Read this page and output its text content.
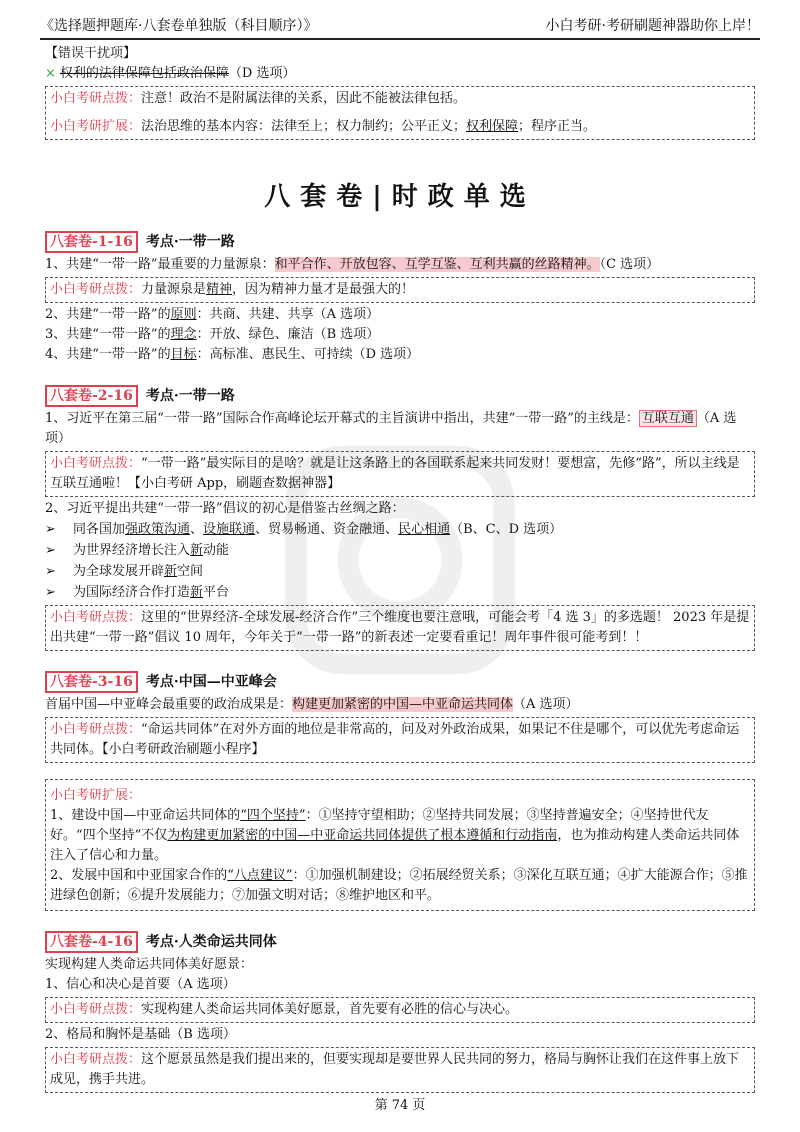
《选择题押题库·八套卷单独版（科目顺序）》	小白考研·考研刷题神器助你上岸！

【错误干扰项】

× 权利的法律保障包括政治保障（D 选项）

小白考研点拨：注意！政治不是附属法律的关系，因此不能被法律包括。

小白考研扩展：法治思维的基本内容：法律至上；权力制约；公平正义；权利保障；程序正当。

八套卷|时政单选

八套卷-1-16 考点·一带一路

1、共建“一带一路”最重要的力量源泉：和平合作、开放包容、互学互鉴、互利共赢的丝路精神。（C 选项）

小白考研点拨：力量源泉是精神，因为精神力量才是最强大的！

2、共建“一带一路”的原则：共商、共建、共享（A 选项）

3、共建“一带一路”的理念：开放、绿色、廉洁（B 选项）

4、共建“一带一路”的目标：高标准、惠民生、可持续（D 选项）

八套卷-2-16 考点·一带一路

1、习近平在第三届“一带一路”国际合作高峰论坛开幕式的主旨演讲中指出，共建“一带一路”的主线是： 互联互通 （A 选项）

小白考研点拨：“一带一路”最实际目的是啥？就是让这条路上的各国联系起来共同发财！要想富，先修“路”，所以主线是互联互通啦！【小白考研 App，刷题查数据神器】

2、习近平提出共建“一带一路”倡议的初心是借鉴古丝绸之路：

➢	同各国加强政策沟通、设施联通、贸易畅通、资金融通、民心相通（B、C、D 选项）
➢	为世界经济增长注入新动能
➢	为全球发展开辟新空间
➢	为国际经济合作打造新平台

小白考研点拨：这里的“世界经济-全球发展-经济合作”三个维度也要注意哦，可能会考「4 选 3」的多选题！ 2023 年是提出共建“一带一路”倡议 10 周年，今年关于“一带一路”的新表述一定要看重记！周年事件很可能考到！！

八套卷-3-16 考点·中国—中亚峰会

首届中国—中亚峰会最重要的政治成果是：构建更加紧密的中国—中亚命运共同体（A 选项）

小白考研点拨：“命运共同体”在对外方面的地位是非常高的，问及对外政治成果，如果记不住是哪个，可以优先考虑命运共同体。【小白考研政治刷题小程序】

小白考研扩展：

1、建设中国—中亚命运共同体的“四个坚持”：①坚持守望相助；②坚持共同发展；③坚持普遍安全；④坚持世代友好。“四个坚持”不仅为构建更加紧密的中国—中亚命运共同体提供了根本遵循和行动指南，也为推动构建人类命运共同体注入了信心和力量。

2、发展中国和中亚国家合作的“八点建议”：①加强机制建设；②拓展经贸关系；③深化互联互通；④扩大能源合作；⑤推进绿色创新；⑥提升发展能力；⑦加强文明对话；⑧维护地区和平。

八套卷-4-16 考点·人类命运共同体

实现构建人类命运共同体美好愿景：

1、信心和决心是首要（A 选项）

小白考研点拨：实现构建人类命运共同体美好愿景，首先要有必胜的信心与决心。

2、格局和胸怀是基础（B 选项）

小白考研点拨：这个愿景虽然是我们提出来的，但要实现却是要世界人民共同的努力，格局与胸怀让我们在这件事上放下成见，携手共进。

第 74 页
